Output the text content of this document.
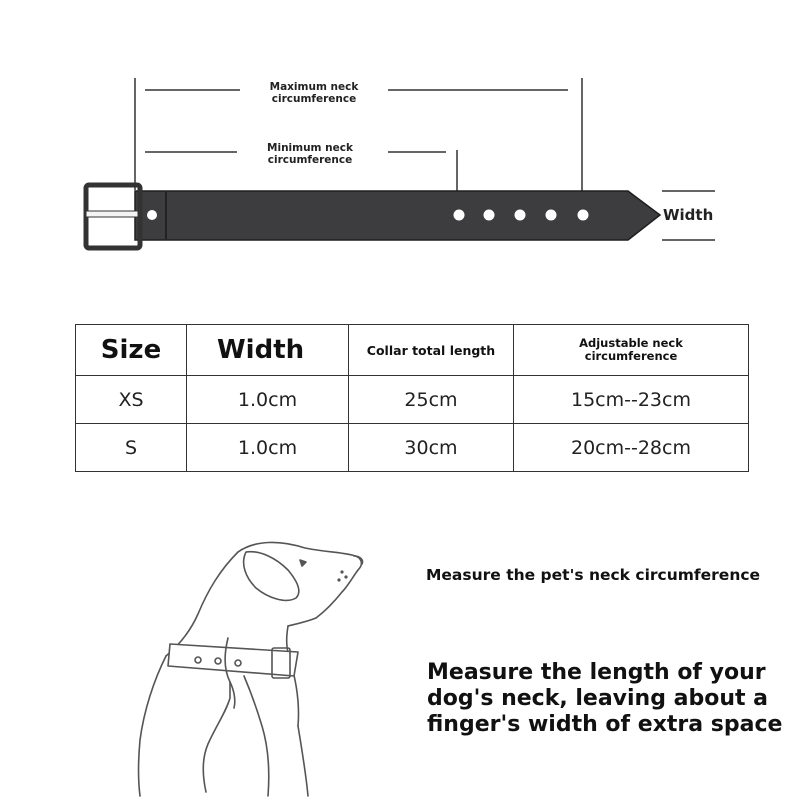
Maximum neck
circumference
Minimum neck
circumference
Width
Size	Width	Collar total length	Adjustable neck
circumference
XS	1.0cm	25cm	15cm--23cm
S	1.0cm	30cm	20cm--28cm
Measure the pet's neck circumference
Measure the length of your dog's neck, leaving about a finger's width of extra space
